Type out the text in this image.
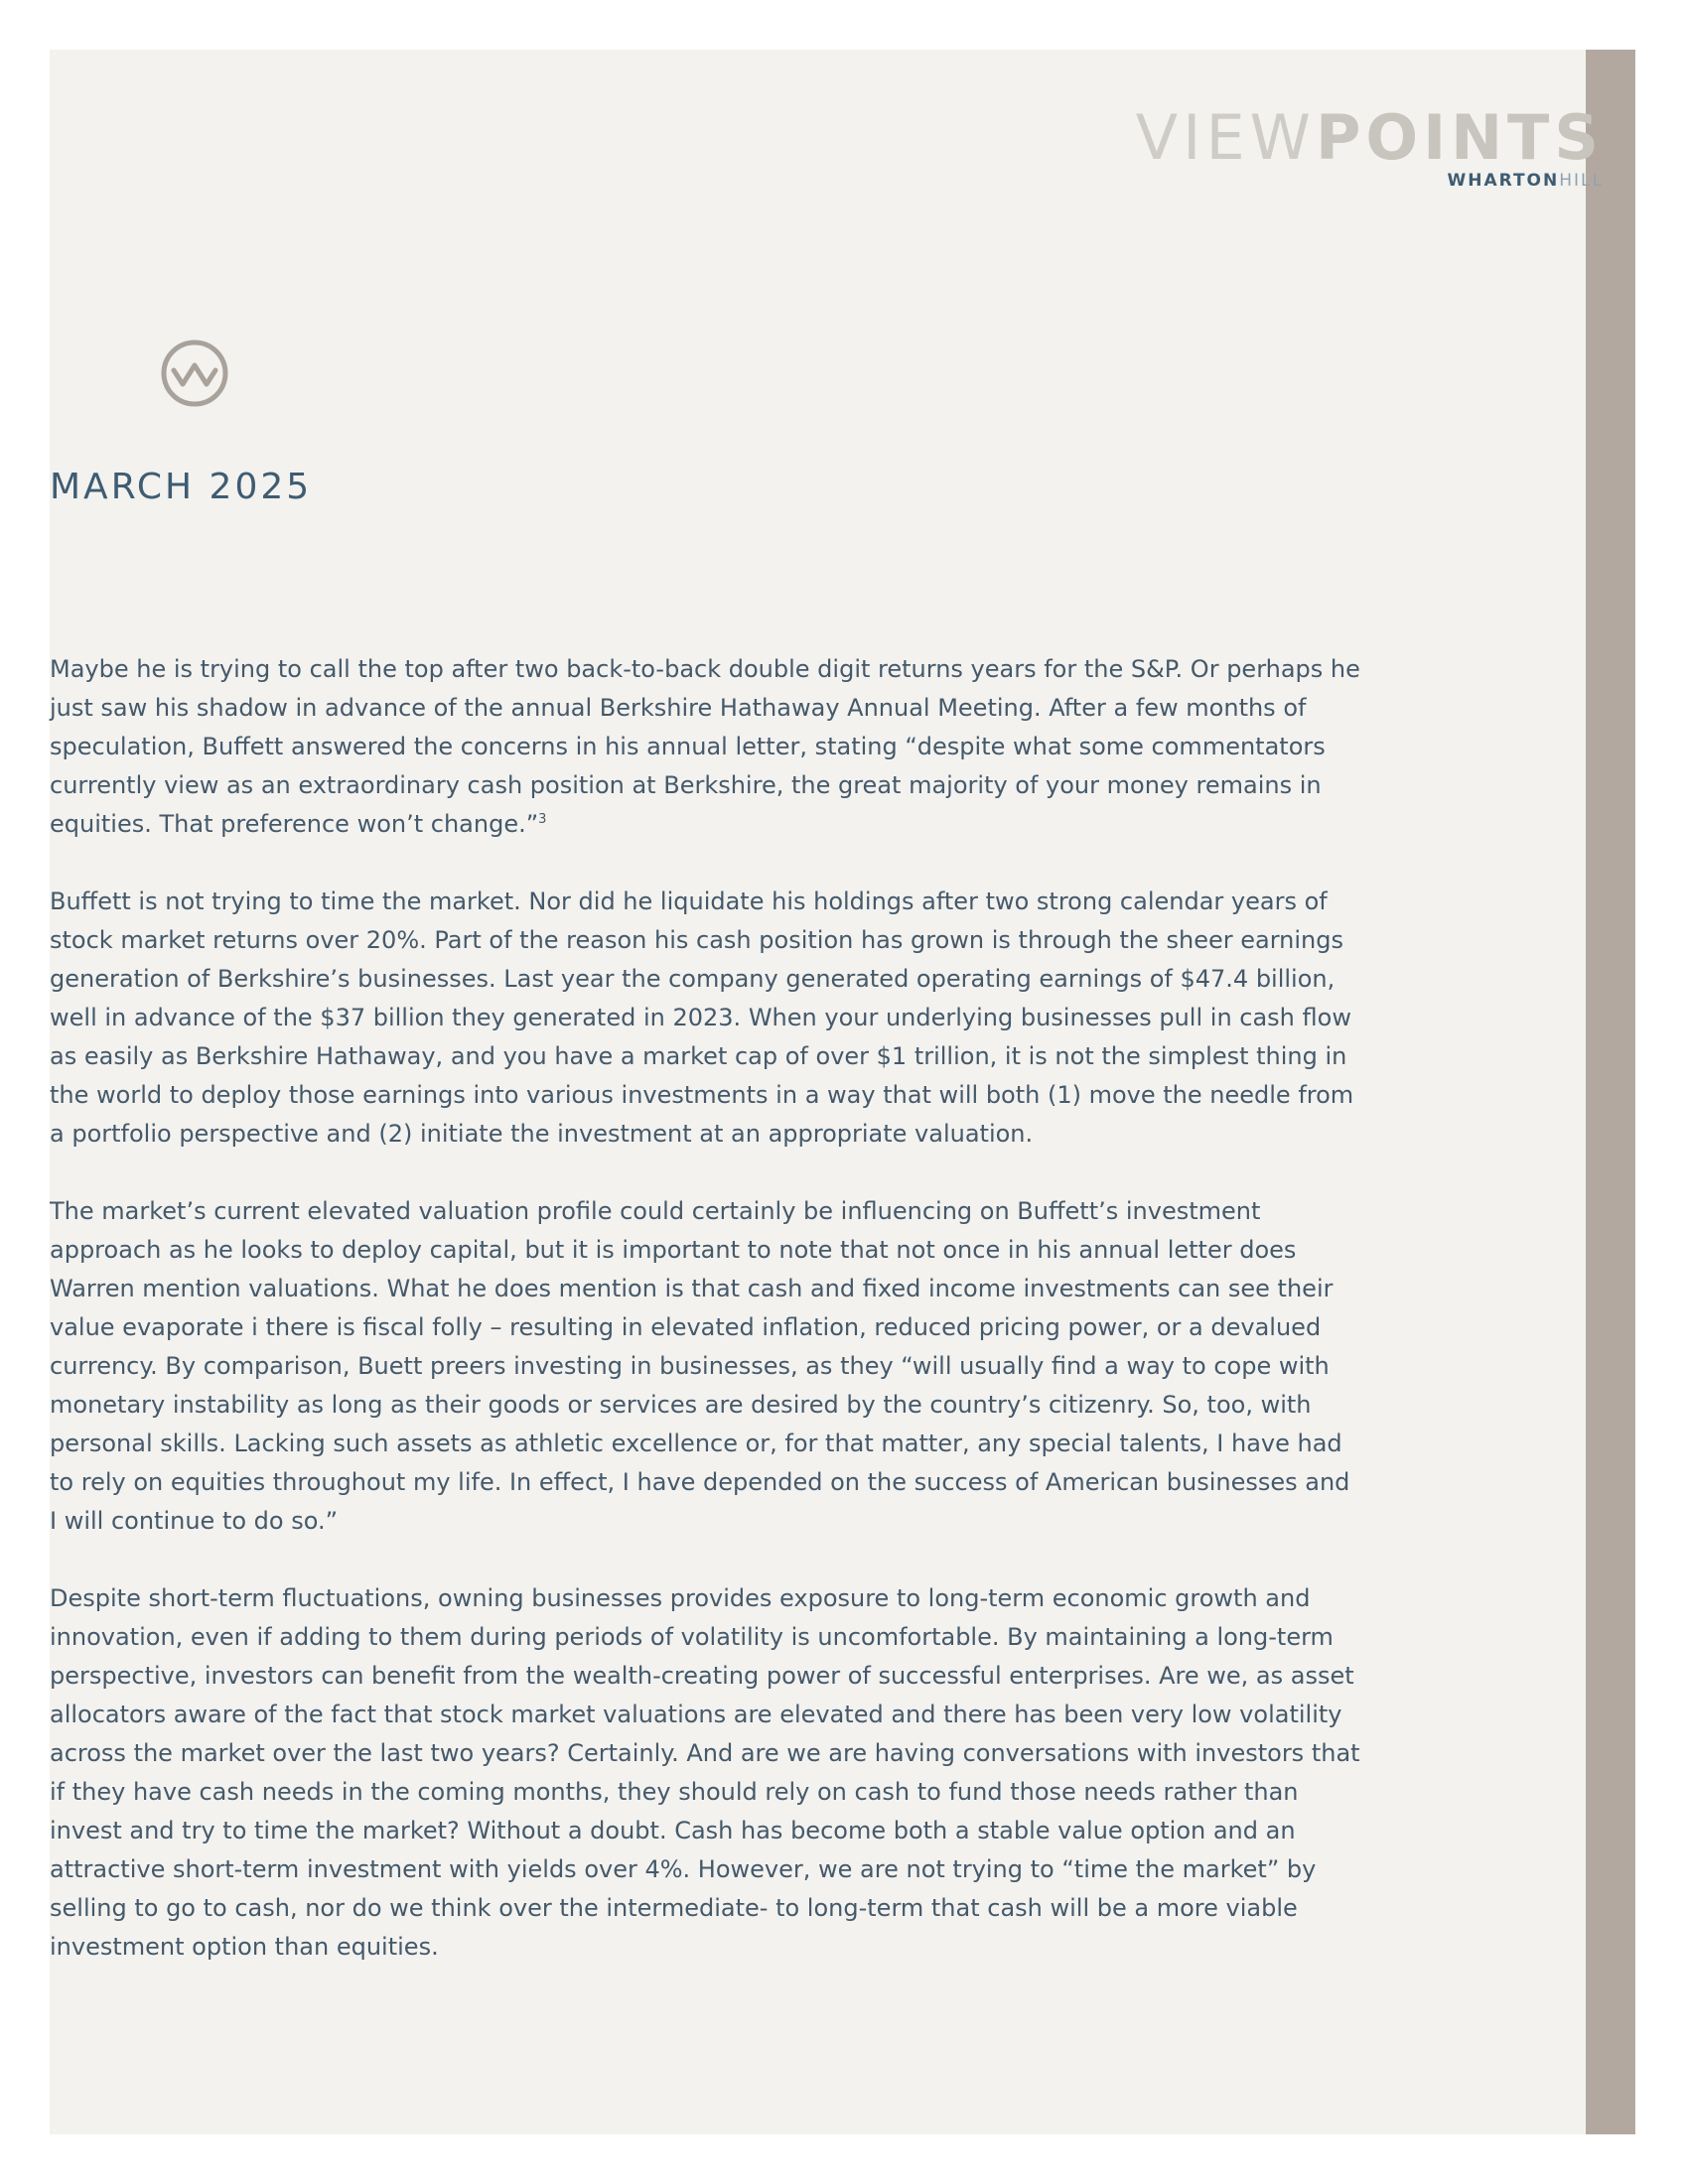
VIEWPOINTS
WHARTONHILL
MARCH 2025

Maybe he is trying to call the top after two back-to-back double digit returns years for the S&P. Or perhaps he just saw his shadow in advance of the annual Berkshire Hathaway Annual Meeting. After a few months of speculation, Buffett answered the concerns in his annual letter, stating “despite what some commentators currently view as an extraordinary cash position at Berkshire, the great majority of your money remains in equities. That preference won’t change.”$^3$

Buffett is not trying to time the market. Nor did he liquidate his holdings after two strong calendar years of stock market returns over 20%. Part of the reason his cash position has grown is through the sheer earnings generation of Berkshire’s businesses. Last year the company generated operating earnings of $47.4 billion, well in advance of the $37 billion they generated in 2023. When your underlying businesses pull in cash flow as easily as Berkshire Hathaway, and you have a market cap of over $1 trillion, it is not the simplest thing in the world to deploy those earnings into various investments in a way that will both (1) move the needle from a portfolio perspective and (2) initiate the investment at an appropriate valuation.

The market’s current elevated valuation profile could certainly be influencing on Buffett’s investment approach as he looks to deploy capital, but it is important to note that not once in his annual letter does Warren mention valuations. What he does mention is that cash and fixed income investments can see their value evaporate i there is fiscal folly – resulting in elevated inflation, reduced pricing power, or a devalued currency. By comparison, Buett preers investing in businesses, as they “will usually find a way to cope with monetary instability as long as their goods or services are desired by the country’s citizenry. So, too, with personal skills. Lacking such assets as athletic excellence or, for that matter, any special talents, I have had to rely on equities throughout my life. In effect, I have depended on the success of American businesses and I will continue to do so.”

Despite short-term fluctuations, owning businesses provides exposure to long-term economic growth and innovation, even if adding to them during periods of volatility is uncomfortable. By maintaining a long-term perspective, investors can benefit from the wealth-creating power of successful enterprises. Are we, as asset allocators aware of the fact that stock market valuations are elevated and there has been very low volatility across the market over the last two years? Certainly. And are we are having conversations with investors that if they have cash needs in the coming months, they should rely on cash to fund those needs rather than invest and try to time the market? Without a doubt. Cash has become both a stable value option and an attractive short-term investment with yields over 4%. However, we are not trying to “time the market” by selling to go to cash, nor do we think over the intermediate- to long-term that cash will be a more viable investment option than equities.
